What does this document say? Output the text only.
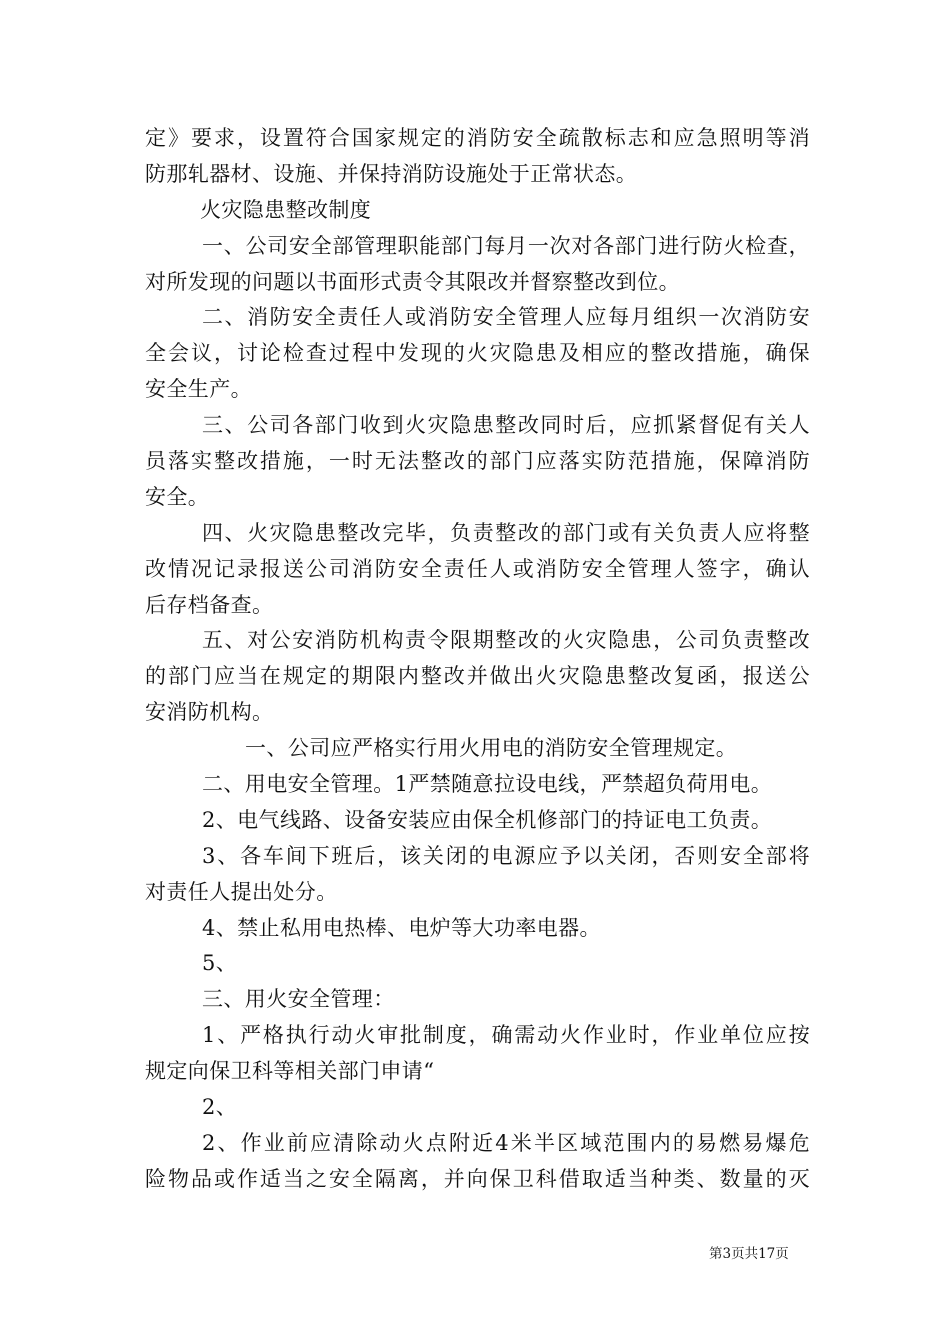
定》要求，设置符合国家规定的消防安全疏散标志和应急照明等消
防那轧器材、设施、并保持消防设施处于正常状态。
火灾隐患整改制度
一、公司安全部管理职能部门每月一次对各部门进行防火检查，
对所发现的问题以书面形式责令其限改并督察整改到位。
二、消防安全责任人或消防安全管理人应每月组织一次消防安
全会议，讨论检查过程中发现的火灾隐患及相应的整改措施，确保
安全生产。
三、公司各部门收到火灾隐患整改同时后，应抓紧督促有关人
员落实整改措施，一时无法整改的部门应落实防范措施，保障消防
安全。
四、火灾隐患整改完毕，负责整改的部门或有关负责人应将整
改情况记录报送公司消防安全责任人或消防安全管理人签字，确认
后存档备查。
五、对公安消防机构责令限期整改的火灾隐患，公司负责整改
的部门应当在规定的期限内整改并做出火灾隐患整改复函，报送公
安消防机构。
一、公司应严格实行用火用电的消防安全管理规定。
二、用电安全管理。1严禁随意拉设电线，严禁超负荷用电。
2、电气线路、设备安装应由保全机修部门的持证电工负责。
3、各车间下班后，该关闭的电源应予以关闭，否则安全部将
对责任人提出处分。
4、禁止私用电热棒、电炉等大功率电器。
5、
三、用火安全管理：
1、严格执行动火审批制度，确需动火作业时，作业单位应按
规定向保卫科等相关部门申请“
2、
2、作业前应清除动火点附近4米半区域范围内的易燃易爆危
险物品或作适当之安全隔离，并向保卫科借取适当种类、数量的灭
第3页共17页
